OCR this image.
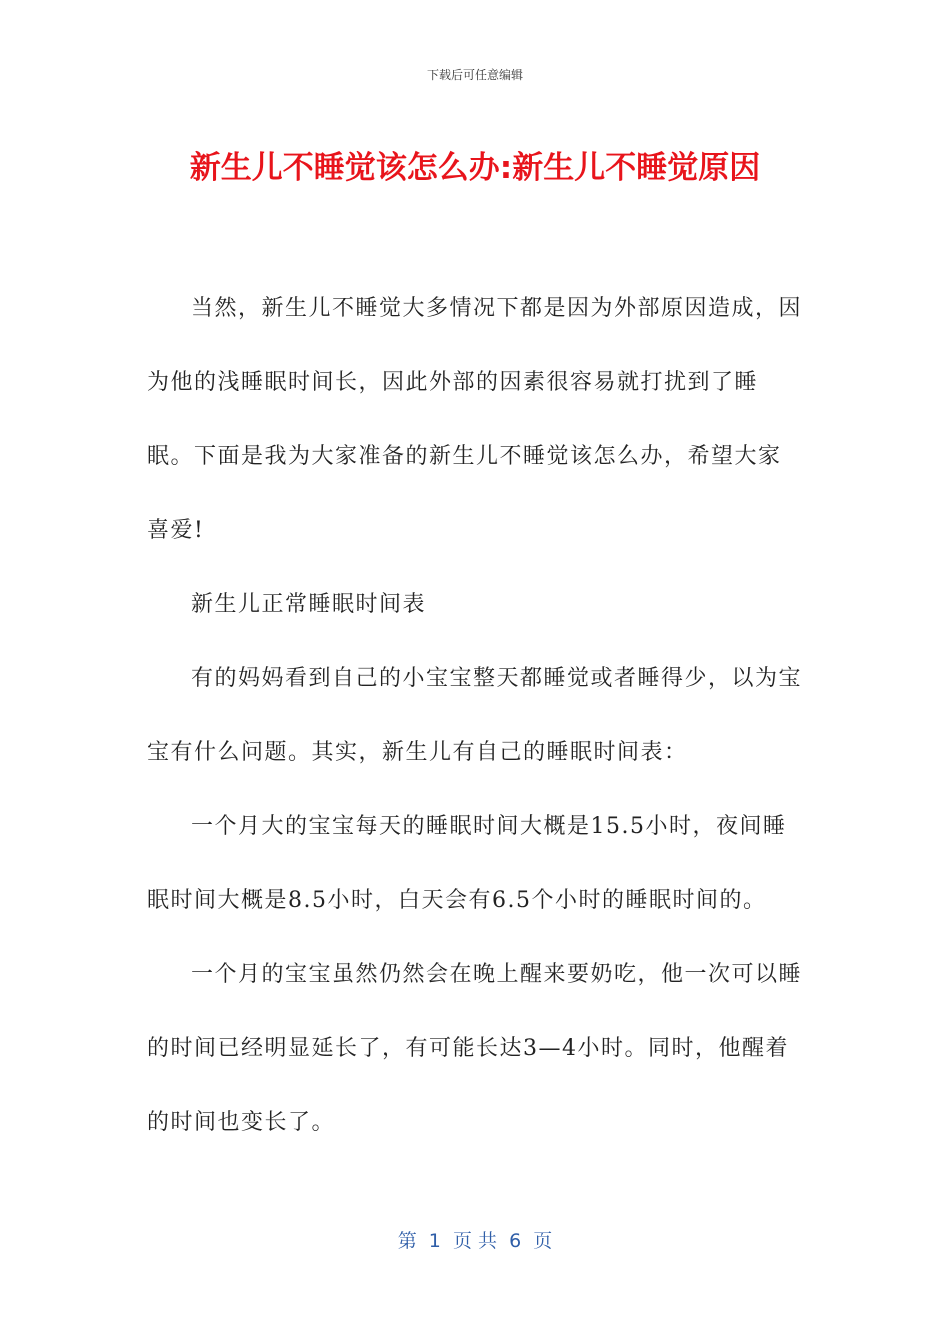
下载后可任意编辑
新生儿不睡觉该怎么办:新生儿不睡觉原因

当然，新生儿不睡觉大多情况下都是因为外部原因造成，因为他的浅睡眠时间长，因此外部的因素很容易就打扰到了睡眠。下面是我为大家准备的新生儿不睡觉该怎么办，希望大家喜爱!

新生儿正常睡眠时间表

有的妈妈看到自己的小宝宝整天都睡觉或者睡得少，以为宝宝有什么问题。其实，新生儿有自己的睡眠时间表：

一个月大的宝宝每天的睡眠时间大概是15.5小时，夜间睡眠时间大概是8.5小时，白天会有6.5个小时的睡眠时间的。

一个月的宝宝虽然仍然会在晚上醒来要奶吃，他一次可以睡的时间已经明显延长了，有可能长达3—4小时。同时，他醒着的时间也变长了。

第  1  页 共  6  页
